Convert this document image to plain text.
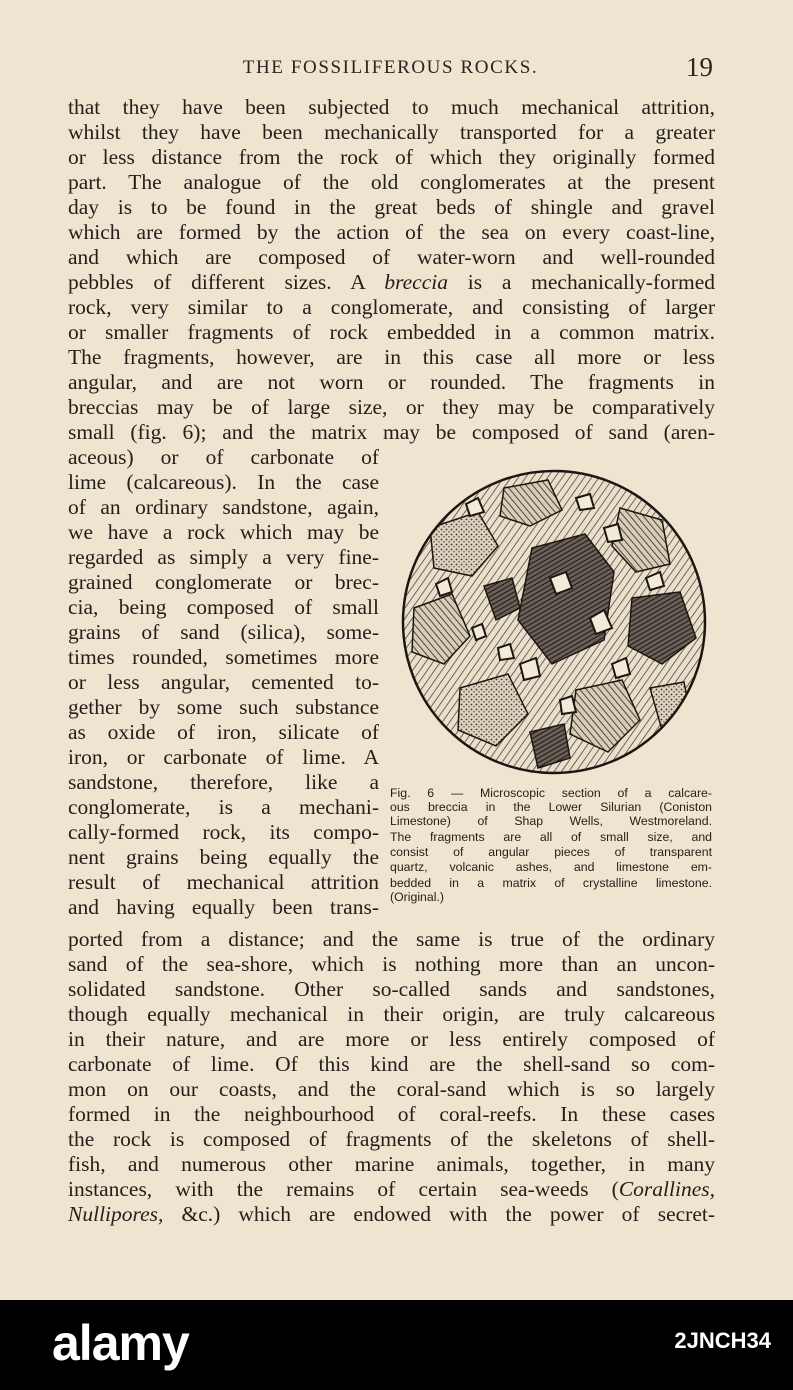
THE FOSSILIFEROUS ROCKS.	19

that they have been subjected to much mechanical attrition,

whilst they have been mechanically transported for a greater

or less distance from the rock of which they originally formed

part. The analogue of the old conglomerates at the present

day is to be found in the great beds of shingle and gravel

which are formed by the action of the sea on every coast-line,

and which are composed of water-worn and well-rounded

pebbles of different sizes. A breccia is a mechanically-formed

rock, very similar to a conglomerate, and consisting of larger

or smaller fragments of rock embedded in a common matrix.

The fragments, however, are in this case all more or less

angular, and are not worn or rounded. The fragments in

breccias may be of large size, or they may be comparatively

small (fig. 6); and the matrix may be composed of sand (aren-

aceous) or of carbonate of

lime (calcareous). In the case

of an ordinary sandstone, again,

we have a rock which may be

regarded as simply a very fine-

grained conglomerate or brec-

cia, being composed of small

grains of sand (silica), some-

times rounded, sometimes more

or less angular, cemented to-

gether by some such substance

as oxide of iron, silicate of

iron, or carbonate of lime. A

sandstone, therefore, like a

conglomerate, is a mechani-

cally-formed rock, its compo-

nent grains being equally the

result of mechanical attrition

and having equally been trans-

Fig. 6 — Microscopic section of a calcare-

ous breccia in the Lower Silurian (Coniston

Limestone) of Shap Wells, Westmoreland.

The fragments are all of small size, and

consist of angular pieces of transparent

quartz, volcanic ashes, and limestone em-

bedded in a matrix of crystalline limestone.

(Original.)

ported from a distance; and the same is true of the ordinary

sand of the sea-shore, which is nothing more than an uncon-

solidated sandstone. Other so-called sands and sandstones,

though equally mechanical in their origin, are truly calcareous

in their nature, and are more or less entirely composed of

carbonate of lime. Of this kind are the shell-sand so com-

mon on our coasts, and the coral-sand which is so largely

formed in the neighbourhood of coral-reefs. In these cases

the rock is composed of fragments of the skeletons of shell-

fish, and numerous other marine animals, together, in many

instances, with the remains of certain sea-weeds (Corallines,

Nullipores, &c.) which are endowed with the power of secret-

alamy	2JNCH34
